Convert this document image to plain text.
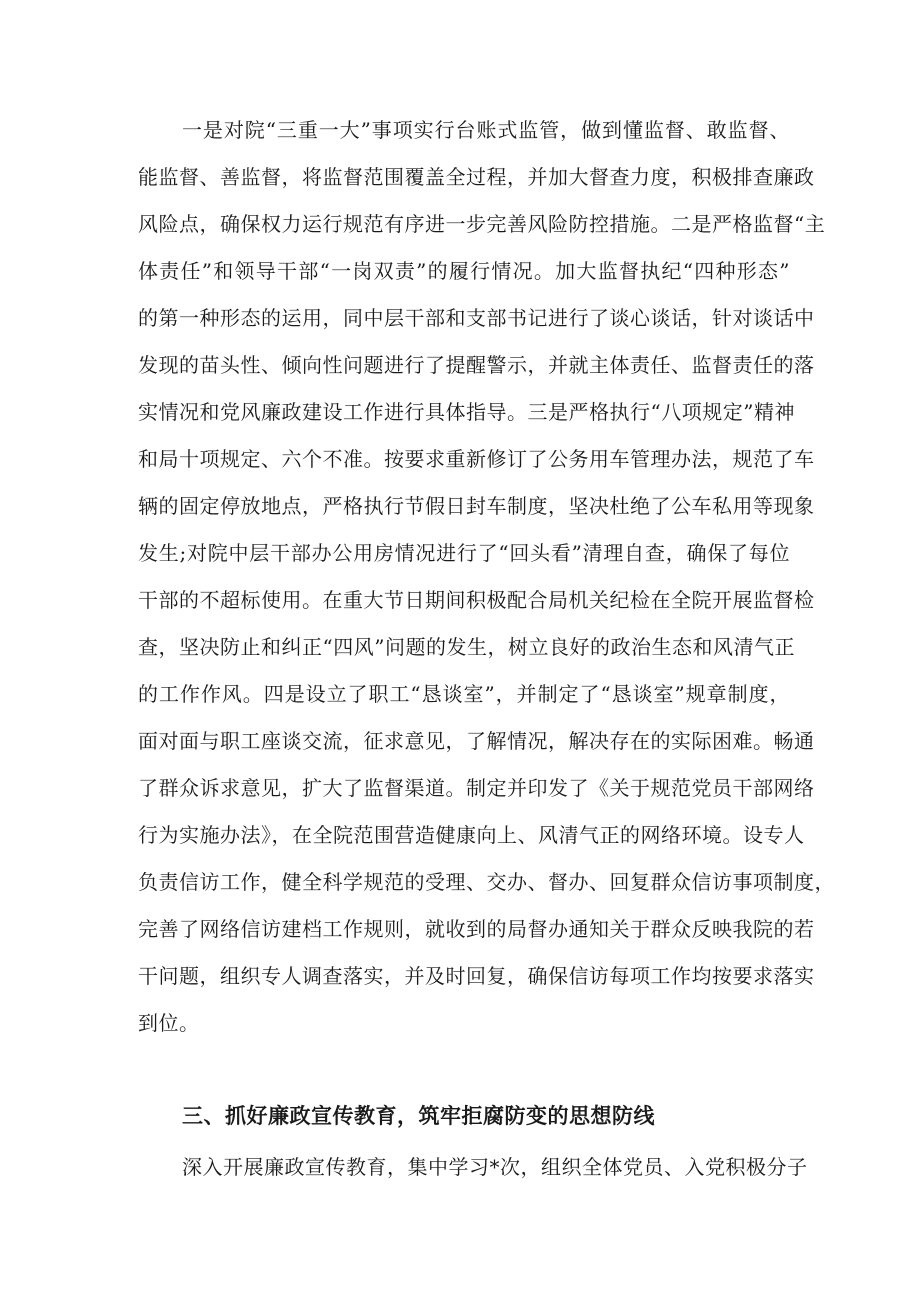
一是对院“三重一大”事项实行台账式监管，做到懂监督、敢监督、
能监督、善监督，将监督范围覆盖全过程，并加大督查力度，积极排查廉政
风险点，确保权力运行规范有序进一步完善风险防控措施。二是严格监督“主
体责任”和领导干部“一岗双责”的履行情况。加大监督执纪“四种形态”
的第一种形态的运用，同中层干部和支部书记进行了谈心谈话，针对谈话中
发现的苗头性、倾向性问题进行了提醒警示，并就主体责任、监督责任的落
实情况和党风廉政建设工作进行具体指导。三是严格执行“八项规定”精神
和局十项规定、六个不准。按要求重新修订了公务用车管理办法，规范了车
辆的固定停放地点，严格执行节假日封车制度，坚决杜绝了公车私用等现象
发生;对院中层干部办公用房情况进行了“回头看”清理自查，确保了每位
干部的不超标使用。在重大节日期间积极配合局机关纪检在全院开展监督检
查，坚决防止和纠正“四风”问题的发生，树立良好的政治生态和风清气正
的工作作风。四是设立了职工“恳谈室”，并制定了“恳谈室”规章制度，
面对面与职工座谈交流，征求意见，了解情况，解决存在的实际困难。畅通
了群众诉求意见，扩大了监督渠道。制定并印发了《关于规范党员干部网络
行为实施办法》，在全院范围营造健康向上、风清气正的网络环境。设专人
负责信访工作，健全科学规范的受理、交办、督办、回复群众信访事项制度，
完善了网络信访建档工作规则，就收到的局督办通知关于群众反映我院的若
干问题，组织专人调查落实，并及时回复，确保信访每项工作均按要求落实
到位。
三、抓好廉政宣传教育，筑牢拒腐防变的思想防线
深入开展廉政宣传教育，集中学习*次，组织全体党员、入党积极分子
